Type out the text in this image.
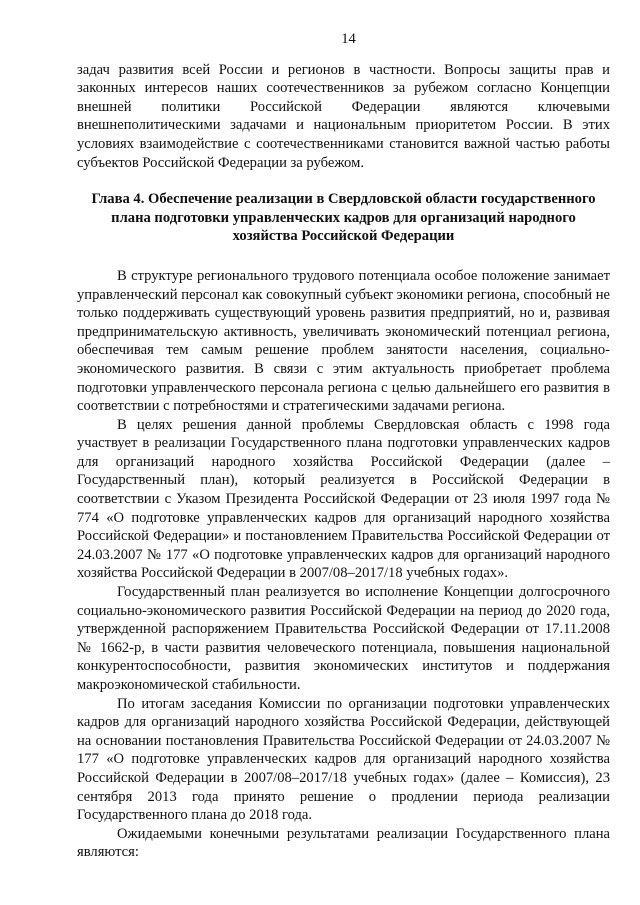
14

задач развития всей России и регионов в частности. Вопросы защиты прав и законных интересов наших соотечественников за рубежом согласно Концепции внешней политики Российской Федерации являются ключевыми внешнеполитическими задачами и национальным приоритетом России. В этих условиях взаимодействие с соотечественниками становится важной частью работы субъектов Российской Федерации за рубежом.

Глава 4. Обеспечение реализации в Свердловской области государственного плана подготовки управленческих кадров для организаций народного хозяйства Российской Федерации

В структуре регионального трудового потенциала особое положение занимает управленческий персонал как совокупный субъект экономики региона, способный не только поддерживать существующий уровень развития предприятий, но и, развивая предпринимательскую активность, увеличивать экономический потенциал региона, обеспечивая тем самым решение проблем занятости населения, социально-экономического развития. В связи с этим актуальность приобретает проблема подготовки управленческого персонала региона с целью дальнейшего его развития в соответствии с потребностями и стратегическими задачами региона.

В целях решения данной проблемы Свердловская область с 1998 года участвует в реализации Государственного плана подготовки управленческих кадров для организаций народного хозяйства Российской Федерации (далее – Государственный план), который реализуется в Российской Федерации в соответствии с Указом Президента Российской Федерации от 23 июля 1997 года № 774 «О подготовке управленческих кадров для организаций народного хозяйства Российской Федерации» и постановлением Правительства Российской Федерации от 24.03.2007 № 177 «О подготовке управленческих кадров для организаций народного хозяйства Российской Федерации в 2007/08–2017/18 учебных годах».

Государственный план реализуется во исполнение Концепции долгосрочного социально-экономического развития Российской Федерации на период до 2020 года, утвержденной распоряжением Правительства Российской Федерации от 17.11.2008 № 1662-р, в части развития человеческого потенциала, повышения национальной конкурентоспособности, развития экономических институтов и поддержания макроэкономической стабильности.

По итогам заседания Комиссии по организации подготовки управленческих кадров для организаций народного хозяйства Российской Федерации, действующей на основании постановления Правительства Российской Федерации от 24.03.2007 № 177 «О подготовке управленческих кадров для организаций народного хозяйства Российской Федерации в 2007/08–2017/18 учебных годах» (далее – Комиссия), 23 сентября 2013 года принято решение о продлении периода реализации Государственного плана до 2018 года.

Ожидаемыми конечными результатами реализации Государственного плана являются:
